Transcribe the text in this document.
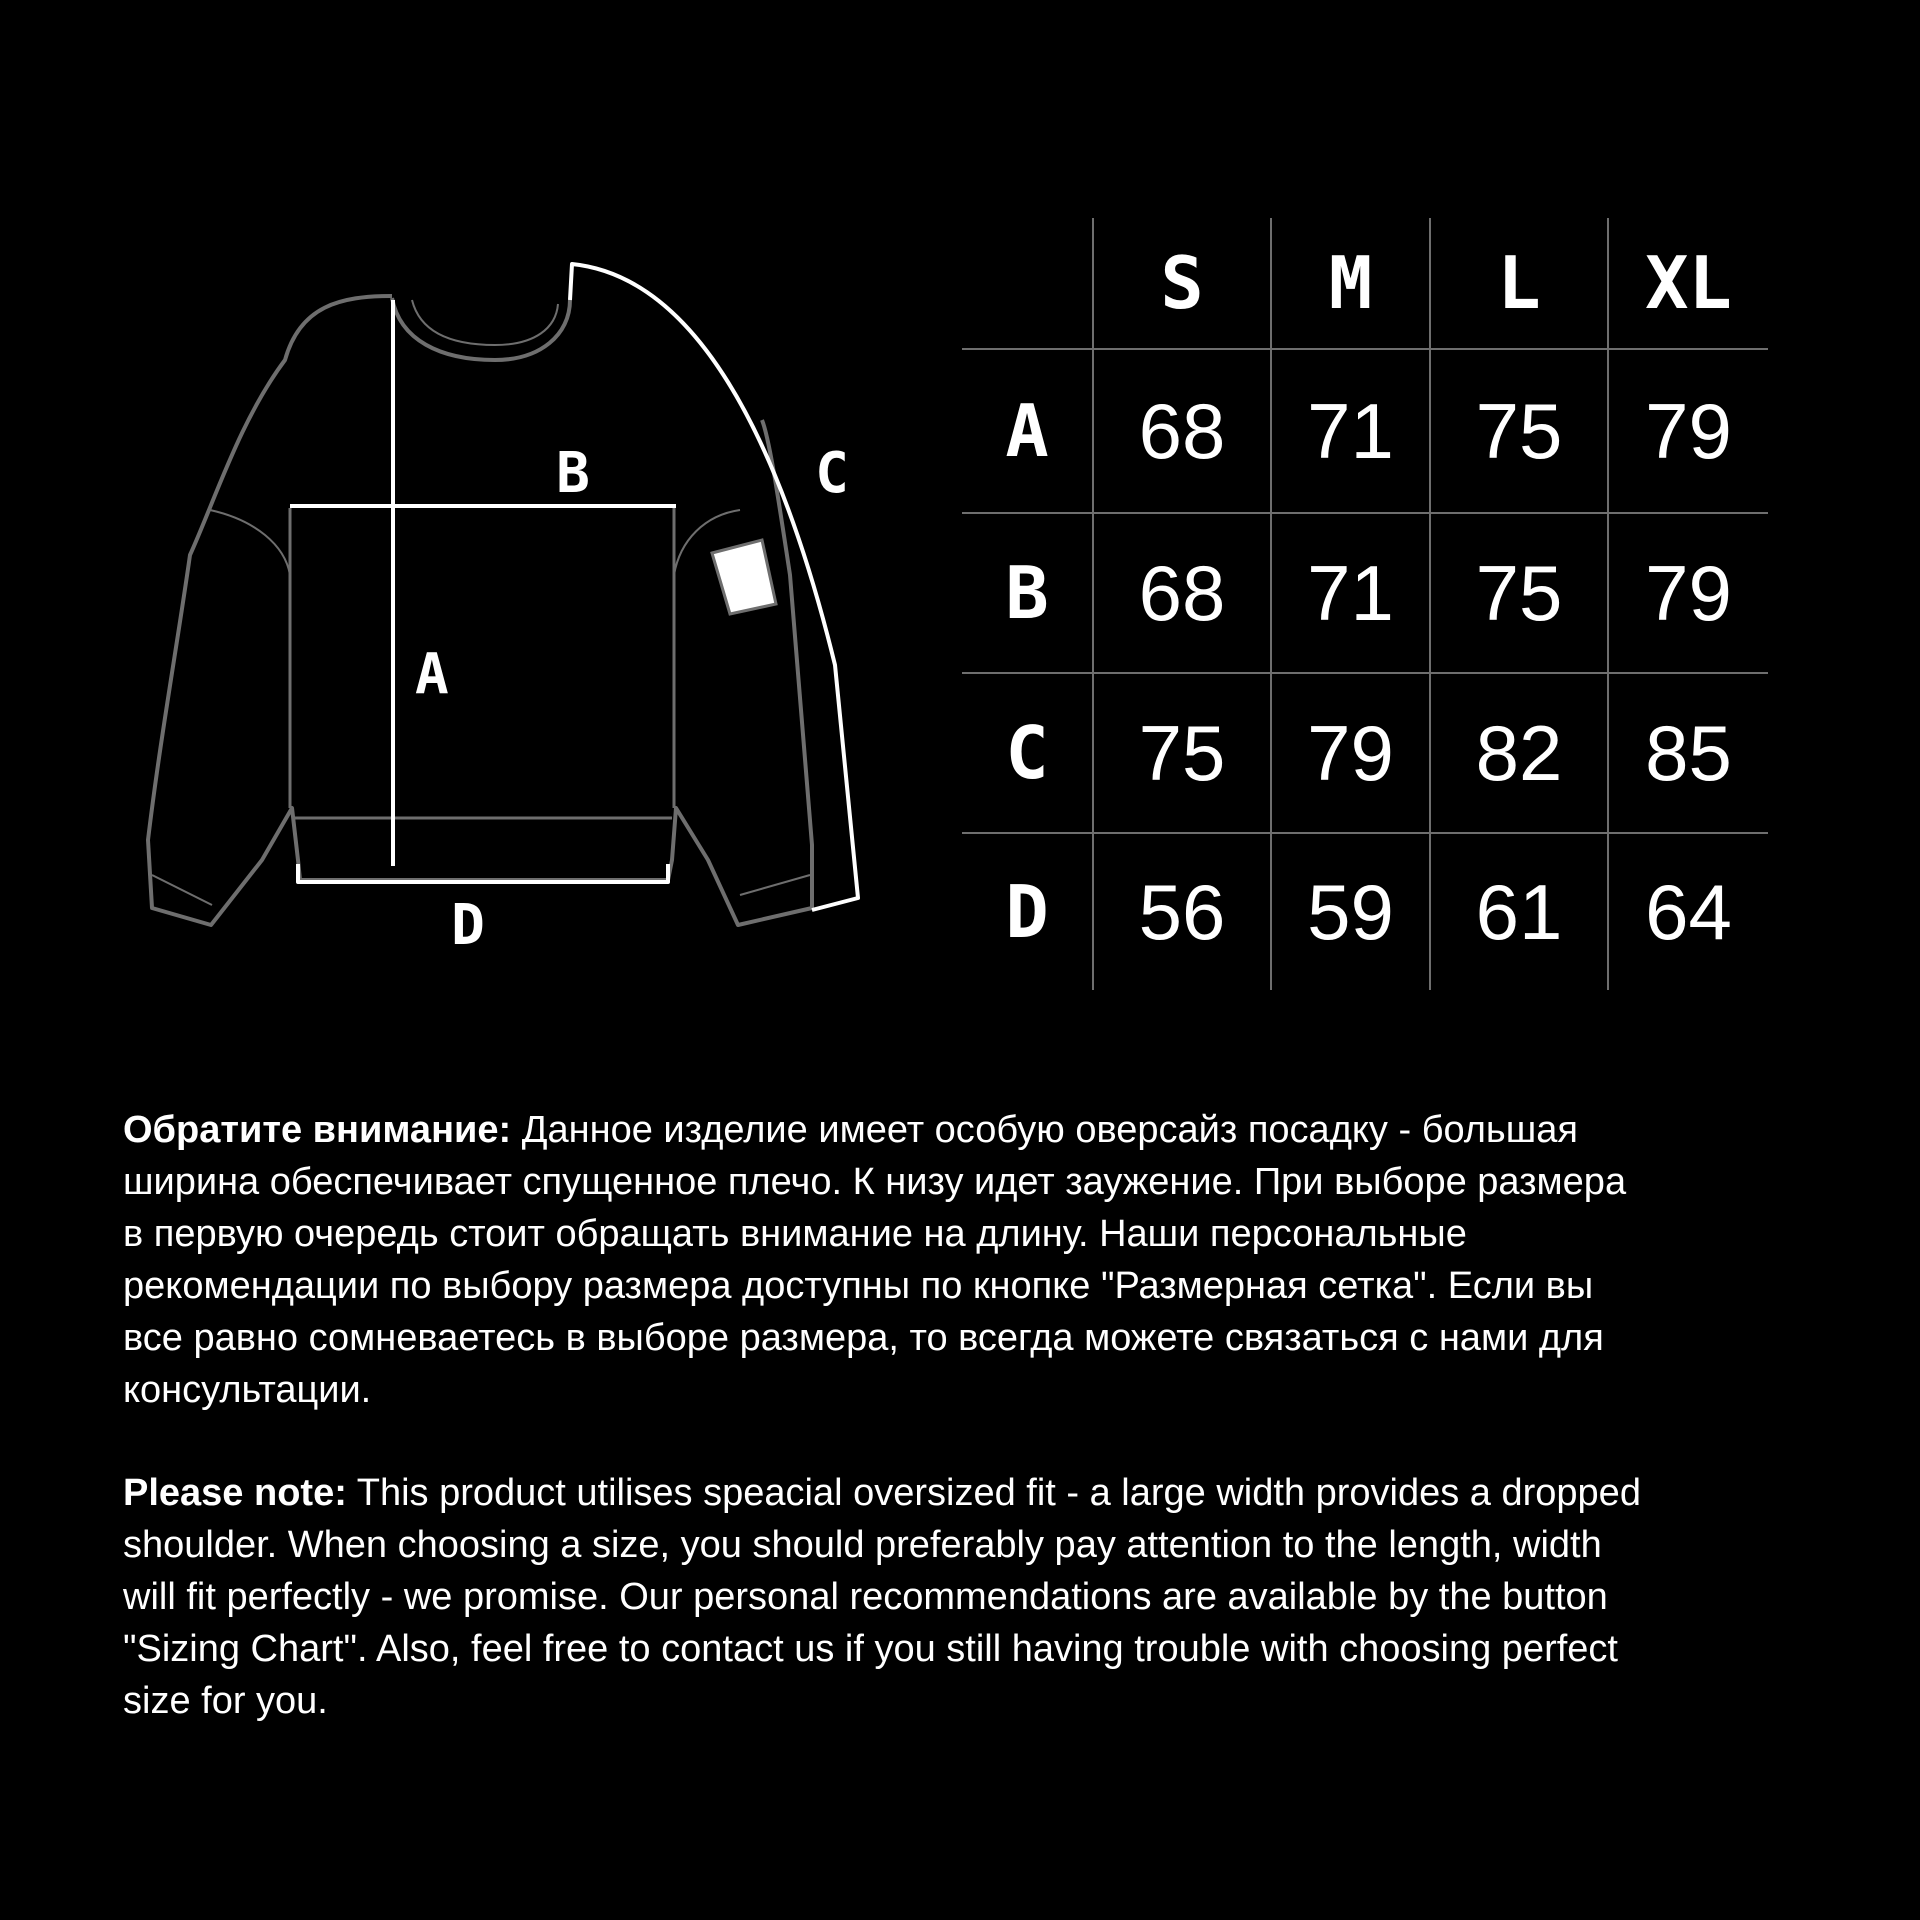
A
B	C
D
	S	M	L	XL
A	68	71	75	79
B	68	71	75	79
C	75	79	82	85
D	56	59	61	64

Обратите внимание: Данное изделие имеет особую оверсайз посадку - большая
ширина обеспечивает спущенное плечо. К низу идет заужение. При выборе размера
в первую очередь стоит обращать внимание на длину. Наши персональные
рекомендации по выбору размера доступны по кнопке "Размерная сетка". Если вы
все равно сомневаетесь в выборе размера, то всегда можете связаться с нами для
консультации.

Please note: This product utilises speacial oversized fit - a large width provides a dropped
shoulder. When choosing a size, you should preferably pay attention to the length, width
will fit perfectly - we promise. Our personal recommendations are available by the button
"Sizing Chart". Also, feel free to contact us if you still having trouble with choosing perfect
size for you.
